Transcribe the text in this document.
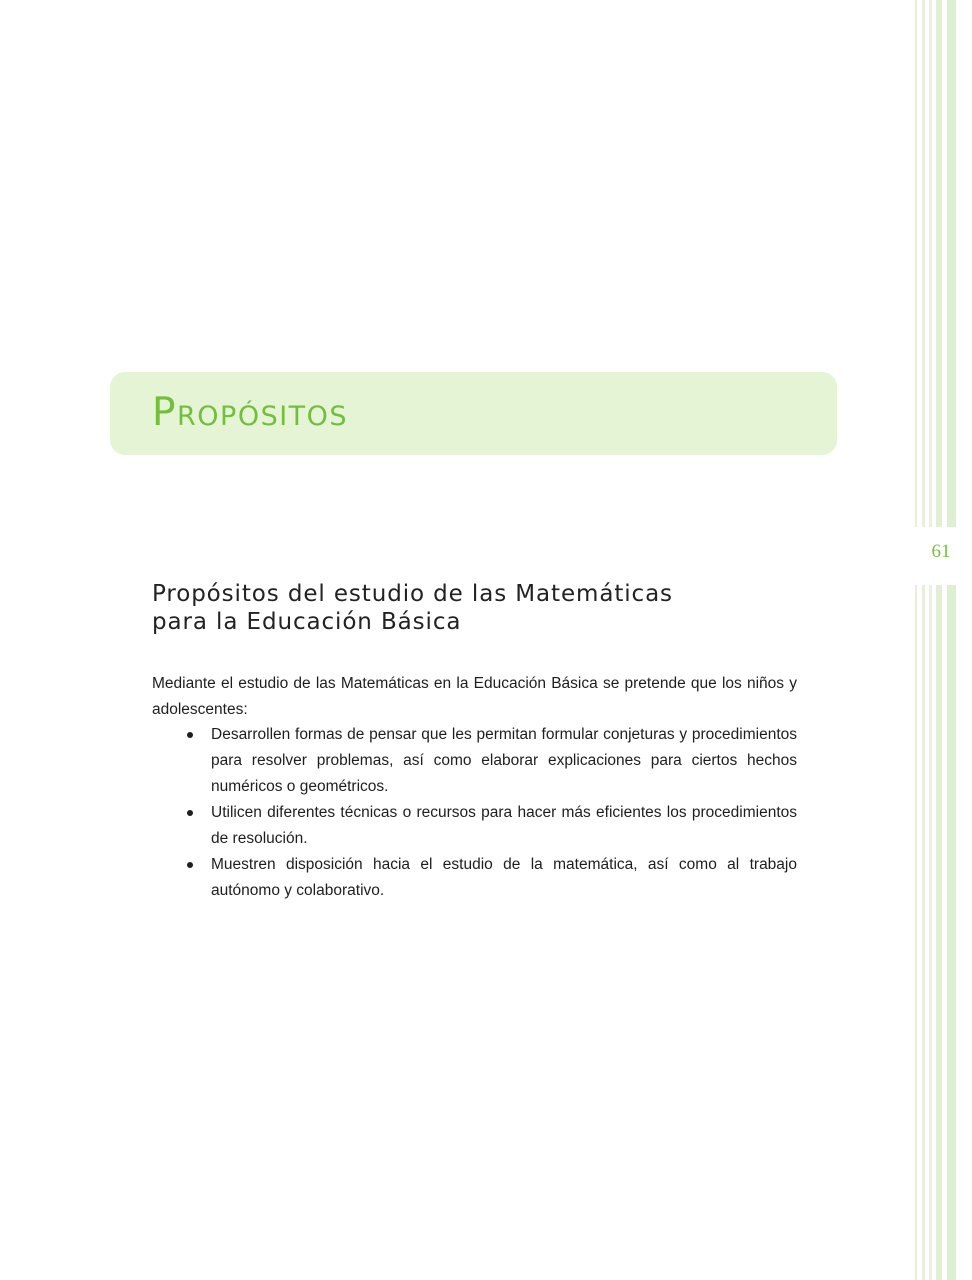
61
PROPÓSITOS
Propósitos del estudio de las Matemáticas
para la Educación Básica

Mediante el estudio de las Matemáticas en la Educación Básica se pretende que los niños y adolescentes:

Desarrollen formas de pensar que les permitan formular conjeturas y procedimientos para resolver problemas, así como elaborar explicaciones para ciertos hechos numéricos o geométricos.
Utilicen diferentes técnicas o recursos para hacer más eficientes los procedimientos de resolución.
Muestren disposición hacia el estudio de la matemática, así como al trabajo autónomo y colaborativo.
